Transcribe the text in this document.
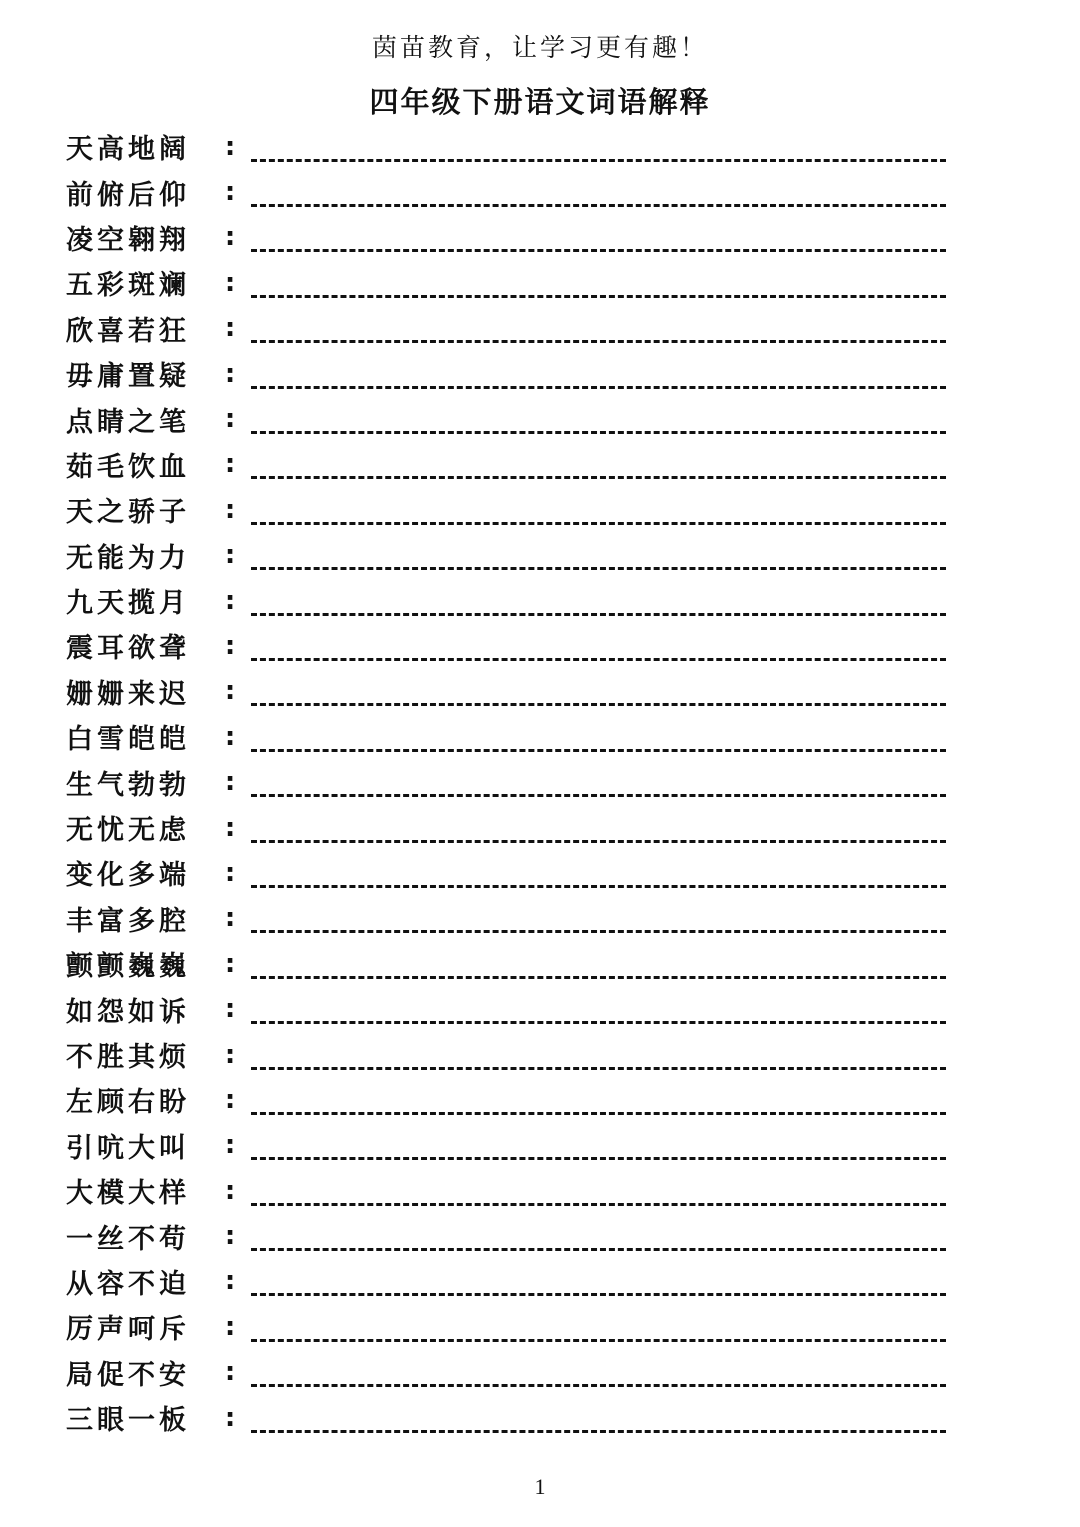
茵苗教育，让学习更有趣！
四年级下册语文词语解释
天高地阔	:
前俯后仰	:
凌空翱翔	:
五彩斑斓	:
欣喜若狂	:
毋庸置疑	:
点睛之笔	:
茹毛饮血	:
天之骄子	:
无能为力	:
九天揽月	:
震耳欲聋	:
姗姗来迟	:
白雪皑皑	:
生气勃勃	:
无忧无虑	:
变化多端	:
丰富多腔	:
颤颤巍巍	:
如怨如诉	:
不胜其烦	:
左顾右盼	:
引吭大叫	:
大模大样	:
一丝不苟	:
从容不迫	:
厉声呵斥	:
局促不安	:
三眼一板	:
1
